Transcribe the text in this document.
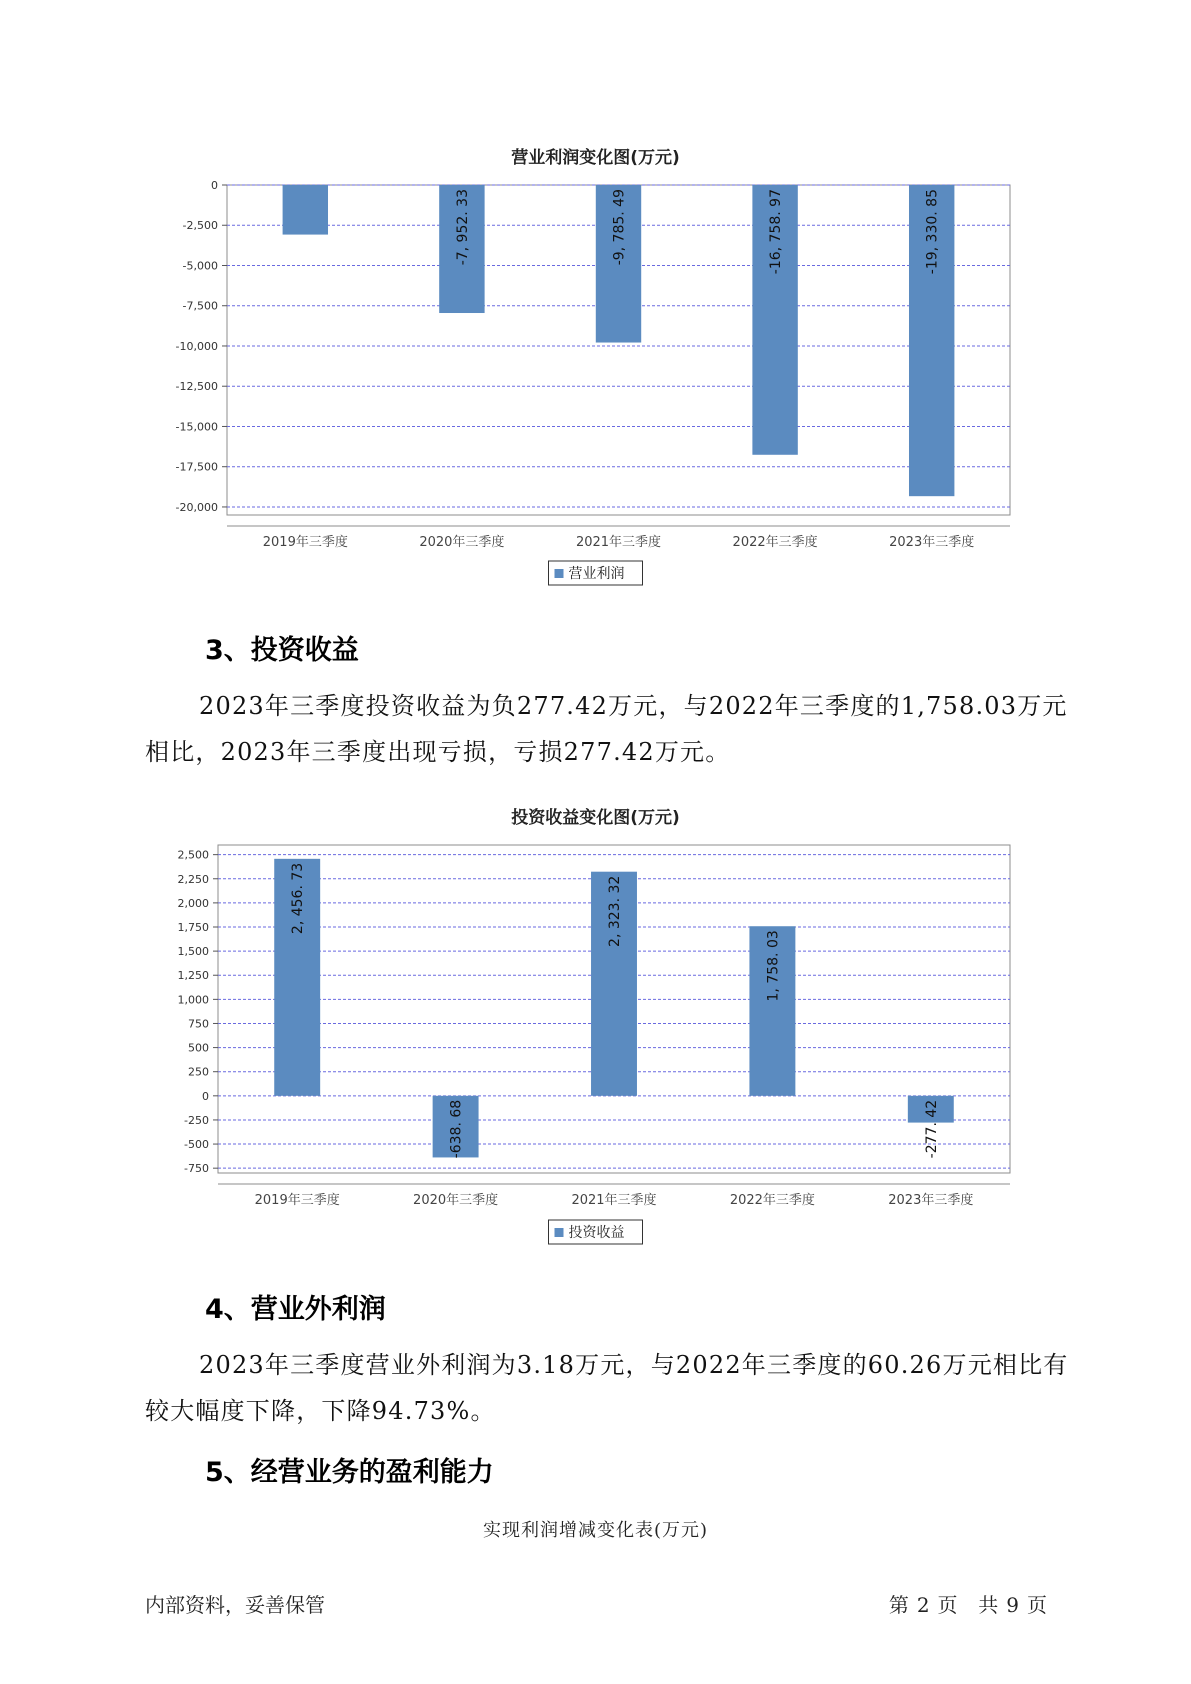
营业利润变化图(万元)
0
-2,500
-5,000
-7,500
-10,000
-12,500
-15,000
-17,500
-20,000
2019年三季度	2020年三季度
-7, 952. 33
2021年三季度
-9, 785. 49
2022年三季度
-16, 758. 97
2023年三季度
-19, 330. 85
营业利润
3、投资收益

2023年三季度投资收益为负277.42万元，与2022年三季度的1,758.03万元相比，2023年三季度出现亏损，亏损277.42万元。

投资收益变化图(万元)
2,500
2,250
2,000
1,750
1,500
1,250
1,000
750
500
250
0
-250
-500
-750
2019年三季度
2, 456. 73
2020年三季度
-638. 68
2021年三季度
2, 323. 32
2022年三季度
1, 758. 03
2023年三季度
-277. 42
投资收益
4、营业外利润

2023年三季度营业外利润为3.18万元，与2022年三季度的60.26万元相比有较大幅度下降，下降94.73%。

5、经营业务的盈利能力
实现利润增减变化表(万元)
内部资料，妥善保管	第 2 页 共 9 页
